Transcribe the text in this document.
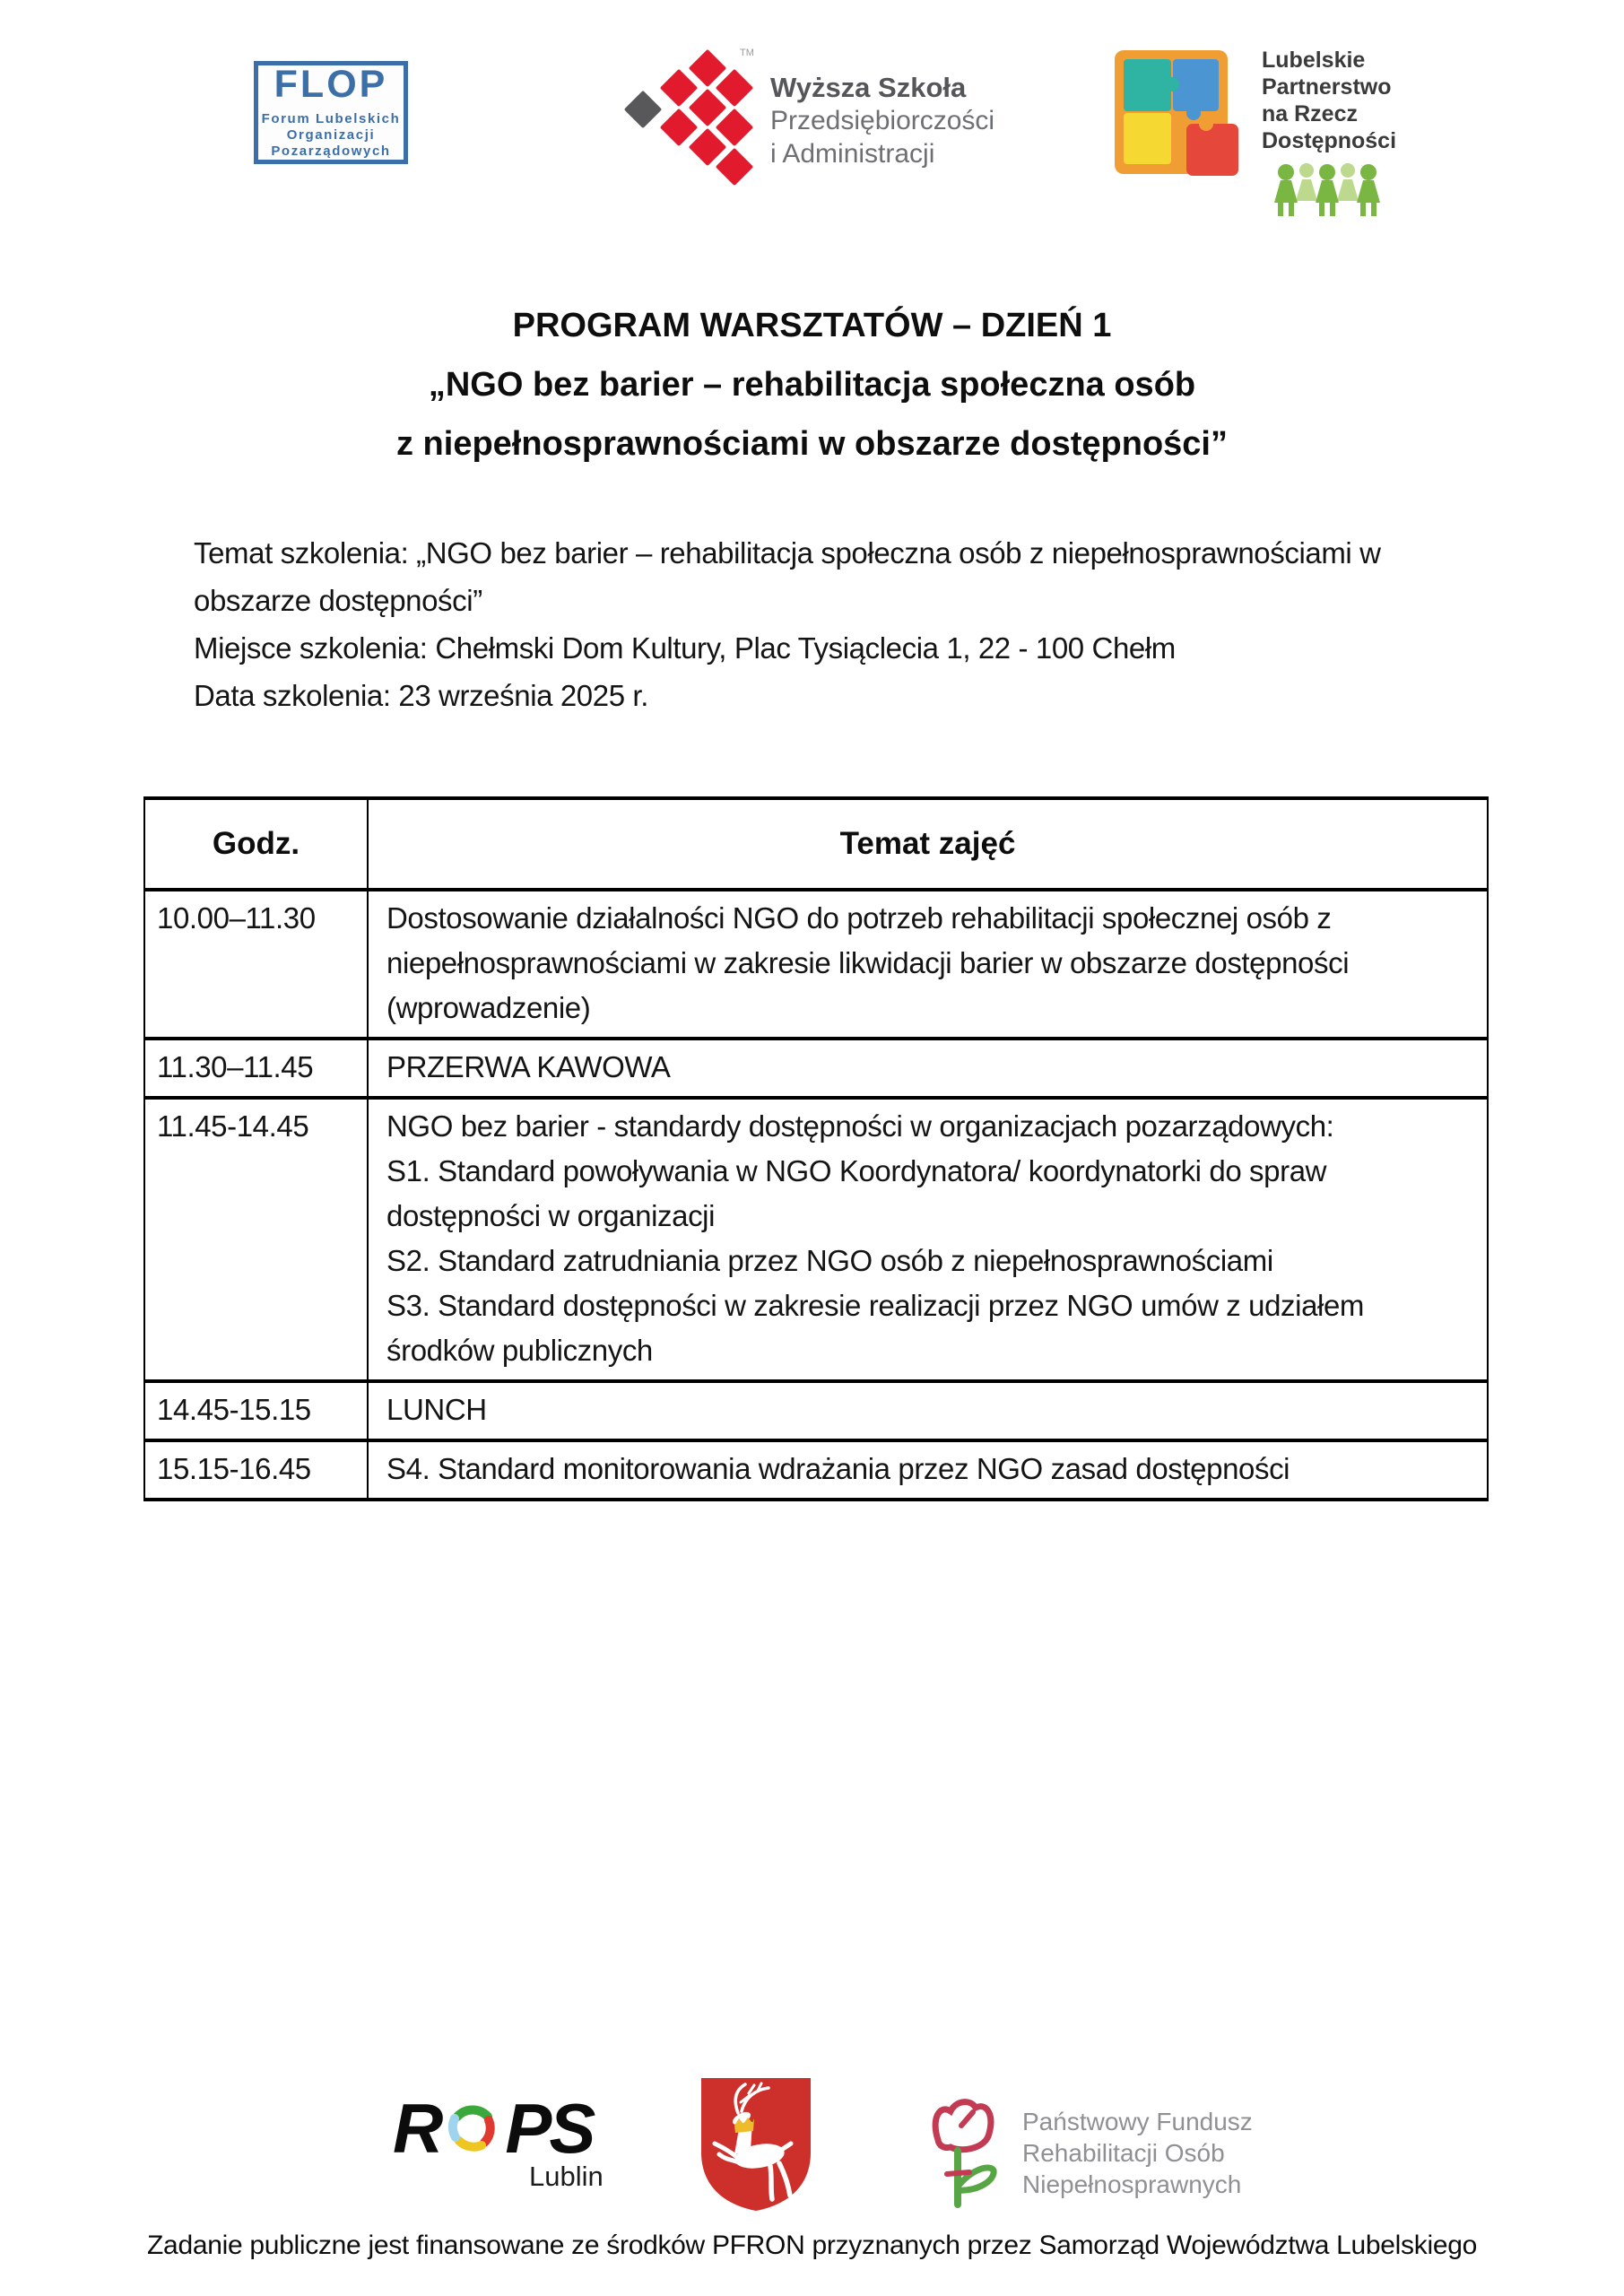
FLOP
Forum Lubelskich
Organizacji
Pozarządowych
TM
Wyższa Szkoła
Przedsiębiorczości
i Administracji
Lubelskie
Partnerstwo
na Rzecz
Dostępności
PROGRAM WARSZTATÓW – DZIEŃ 1
„NGO bez barier – rehabilitacja społeczna osób
z niepełnosprawnościami w obszarze dostępności”

Temat szkolenia: „NGO bez barier – rehabilitacja społeczna osób z niepełnosprawnościami w obszarze dostępności”

Miejsce szkolenia: Chełmski Dom Kultury, Plac Tysiąclecia 1, 22 - 100 Chełm

Data szkolenia: 23 września 2025 r.

Godz.	Temat zajęć
10.00–11.30	Dostosowanie działalności NGO do potrzeb rehabilitacji społecznej osób z niepełnosprawnościami w zakresie likwidacji barier w obszarze dostępności (wprowadzenie)

11.30–11.45	PRZERWA KAWOWA

11.45-14.45	NGO bez barier - standardy dostępności w organizacjach pozarządowych:
S1. Standard powoływania w NGO Koordynatora/ koordynatorki do spraw dostępności w organizacji
S2. Standard zatrudniania przez NGO osób z niepełnosprawnościami
S3. Standard dostępności w zakresie realizacji przez NGO umów z udziałem środków publicznych

14.45-15.15	LUNCH

15.15-16.45	S4. Standard monitorowania wdrażania przez NGO zasad dostępności
R PS
Lublin
Państwowy Fundusz
Rehabilitacji Osób
Niepełnosprawnych
Zadanie publiczne jest finansowane ze środków PFRON przyznanych przez Samorząd Województwa Lubelskiego
